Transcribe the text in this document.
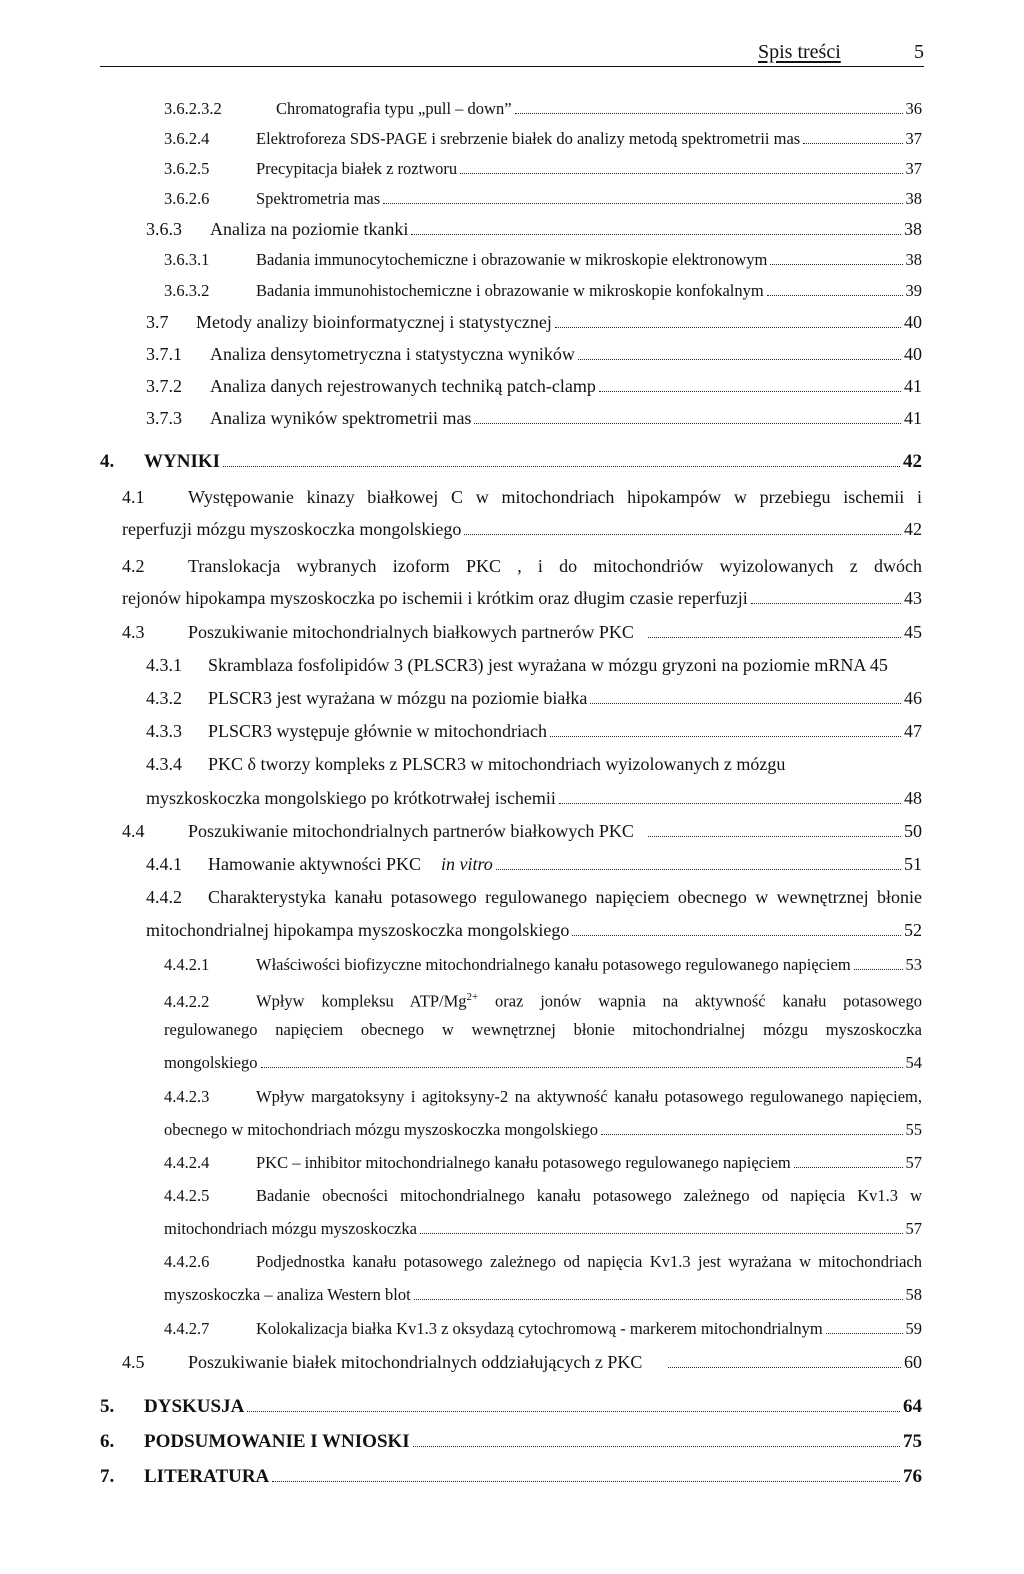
Spis treści	5
3.6.2.3.2	Chromatografia typu „pull – down”	36
3.6.2.4	Elektroforeza SDS-PAGE i srebrzenie białek do analizy metodą spektrometrii mas	37
3.6.2.5	Precypitacja białek z roztworu	37
3.6.2.6	Spektrometria mas	38
3.6.3	Analiza na poziomie tkanki	38
3.6.3.1	Badania immunocytochemiczne i obrazowanie w mikroskopie elektronowym	38
3.6.3.2	Badania immunohistochemiczne i obrazowanie w mikroskopie konfokalnym	39
3.7	Metody analizy bioinformatycznej i statystycznej	40
3.7.1	Analiza densytometryczna i statystyczna wyników	40
3.7.2	Analiza danych rejestrowanych techniką patch-clamp	41
3.7.3	Analiza wyników spektrometrii mas	41
4.	WYNIKI	42
4.1 Występowanie kinazy białkowej C w mitochondriach hipokampów w przebiegu ischemii i
reperfuzji mózgu myszoskoczka mongolskiego	42
4.2 Translokacja wybranych izoform PKC , i do mitochondriów wyizolowanych z dwóch
rejonów hipokampa myszoskoczka po ischemii i krótkim oraz długim czasie reperfuzji	43
4.3	Poszukiwanie mitochondrialnych białkowych partnerów PKC	45
4.3.1	Skramblaza fosfolipidów 3 (PLSCR3) jest wyrażana w mózgu gryzoni na poziomie mRNA 45
4.3.2	PLSCR3 jest wyrażana w mózgu na poziomie białka	46
4.3.3	PLSCR3 występuje głównie w mitochondriach	47
4.3.4	PKC δ tworzy kompleks z PLSCR3 w mitochondriach wyizolowanych z mózgu
myszkoskoczka mongolskiego po krótkotrwałej ischemii	48
4.4	Poszukiwanie mitochondrialnych partnerów białkowych PKC	50
4.4.1	Hamowanie aktywności PKC in vitro	51
4.4.2 Charakterystyka kanału potasowego regulowanego napięciem obecnego w wewnętrznej błonie
mitochondrialnej hipokampa myszoskoczka mongolskiego	52
4.4.2.1	Właściwości biofizyczne mitochondrialnego kanału potasowego regulowanego napięciem	53
4.4.2.2	Wpływ kompleksu ATP/$Mg^{2+}$ oraz jonów wapnia na aktywność kanału potasowego
regulowanego napięciem obecnego w wewnętrznej błonie mitochondrialnej mózgu myszoskoczka
mongolskiego	54
4.4.2.3	Wpływ margatoksyny i agitoksyny-2 na aktywność kanału potasowego regulowanego napięciem,
obecnego w mitochondriach mózgu myszoskoczka mongolskiego	55
4.4.2.4	PKC – inhibitor mitochondrialnego kanału potasowego regulowanego napięciem	57
4.4.2.5	Badanie obecności mitochondrialnego kanału potasowego zależnego od napięcia Kv1.3 w
mitochondriach mózgu myszoskoczka	57
4.4.2.6	Podjednostka kanału potasowego zależnego od napięcia Kv1.3 jest wyrażana w mitochondriach
myszoskoczka – analiza Western blot	58
4.4.2.7	Kolokalizacja białka Kv1.3 z oksydazą cytochromową - markerem mitochondrialnym	59
4.5	Poszukiwanie białek mitochondrialnych oddziałujących z PKC	60
5.	DYSKUSJA	64
6.	PODSUMOWANIE I WNIOSKI	75
7.	LITERATURA	76
